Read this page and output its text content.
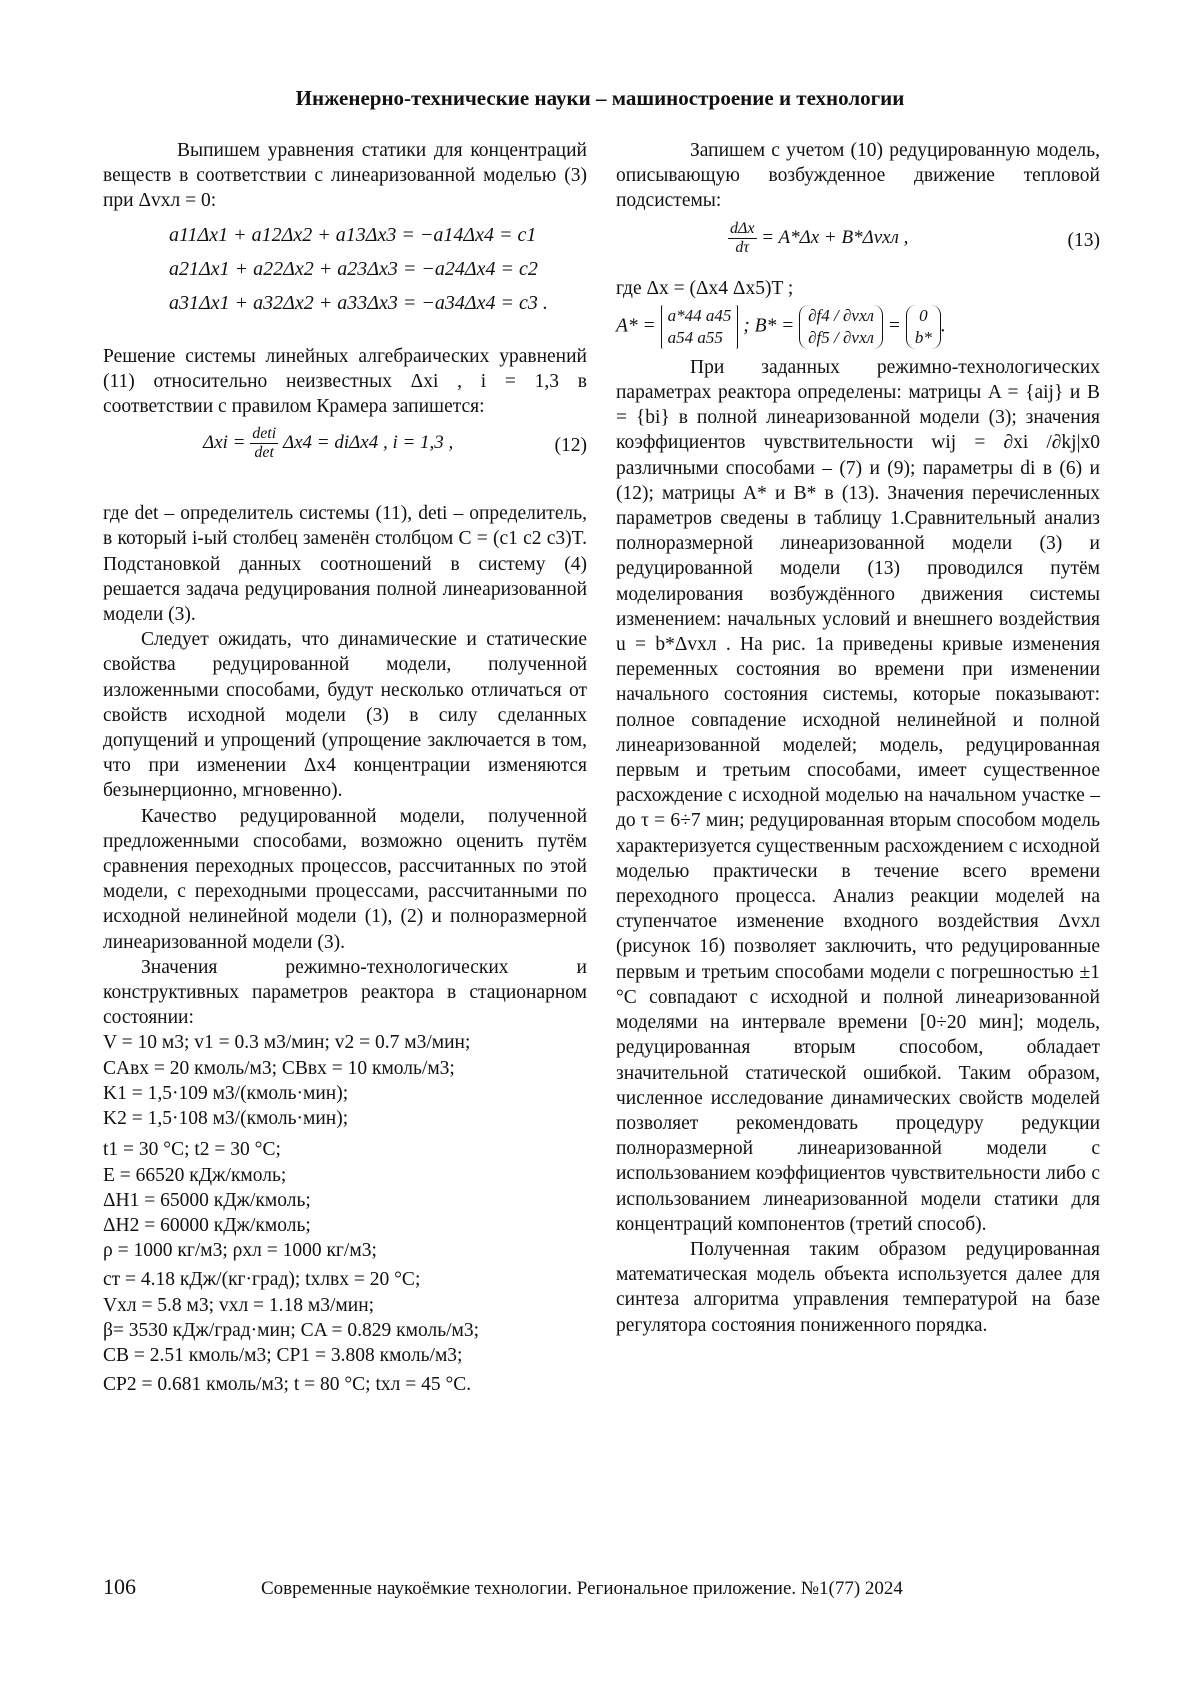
Инженерно-технические науки – машиностроение и технологии

Выпишем уравнения статики для концентраций веществ в соответствии с линеаризованной моделью (3) при Δvхл = 0:

a11Δx1 + a12Δx2 + a13Δx3 = −a14Δx4 = c1
a21Δx1 + a22Δx2 + a23Δx3 = −a24Δx4 = c2
a31Δx1 + a32Δx2 + a33Δx3 = −a34Δx4 = c3 .

Решение системы линейных алгебраических уравнений (11) относительно неизвестных Δxi , i = 1,3 в соответствии с правилом Крамера запишется:

$\Delta xi = \frac{\det i}{\det} \Delta x4 = di\Delta x4$ , i = 1,3 ,	(12)

где det – определитель системы (11), deti – определитель, в который i-ый столбец заменён столбцом C = (c1 c2 c3)T. Подстановкой данных соотношений в систему (4) решается задача редуцирования полной линеаризованной модели (3).

Следует ожидать, что динамические и статические свойства редуцированной модели, полученной изложенными способами, будут несколько отличаться от свойств исходной модели (3) в силу сделанных допущений и упрощений (упрощение заключается в том, что при изменении Δx4 концентрации изменяются безынерционно, мгновенно).

Качество редуцированной модели, полученной предложенными способами, возможно оценить путём сравнения переходных процессов, рассчитанных по этой модели, с переходными процессами, рассчитанными по исходной нелинейной модели (1), (2) и полноразмерной линеаризованной модели (3).

Значения режимно-технологических и конструктивных параметров реактора в стационарном состоянии:

V = 10 м3; v1 = 0.3 м3/мин; v2 = 0.7 м3/мин;

CAвх = 20 кмоль/м3; CBвх = 10 кмоль/м3;

K1 = 1,5·109 м3/(кмоль·мин);

K2 = 1,5·108 м3/(кмоль·мин);

t1 = 30 °C; t2 = 30 °C;

E = 66520 кДж/кмоль;

ΔH1 = 65000 кДж/кмоль;

ΔH2 = 60000 кДж/кмоль;

ρ = 1000 кг/м3; ρхл = 1000 кг/м3;

cт = 4.18 кДж/(кг·град); tхлвх = 20 °C;

Vхл = 5.8 м3; vхл = 1.18 м3/мин;

β= 3530 кДж/град·мин; CA = 0.829 кмоль/м3;

CB = 2.51 кмоль/м3; CP1 = 3.808 кмоль/м3;

CP2 = 0.681 кмоль/м3; t = 80 °C; tхл = 45 °C.

Запишем с учетом (10) редуцированную модель, описывающую возбужденное движение тепловой подсистемы:

$\frac{\text{dΔx}}{d\tau} = A*\Delta x + B*\Delta vхл$ ,	(13)

где Δx = (Δx4 Δx5)T ;

A* = a*44 a45
a54 a55
; B* = ∂f4 / ∂vхл
∂f5 / ∂vхл
= 0
b*
.

При заданных режимно-технологических параметрах реактора определены: матрицы A = {aij} и B = {bi} в полной линеаризованной модели (3); значения коэффициентов чувствительности wij = ∂xi /∂kj|x0 различными способами – (7) и (9); параметры di в (6) и (12); матрицы A* и B* в (13). Значения перечисленных параметров сведены в таблицу 1.Сравнительный анализ полноразмерной линеаризованной модели (3) и редуцированной модели (13) проводился путём моделирования возбуждённого движения системы изменением: начальных условий и внешнего воздействия u = b*Δvхл . На рис. 1а приведены кривые изменения переменных состояния во времени при изменении начального состояния системы, которые показывают: полное совпадение исходной нелинейной и полной линеаризованной моделей; модель, редуцированная первым и третьим способами, имеет существенное расхождение с исходной моделью на начальном участке – до τ = 6÷7 мин; редуцированная вторым способом модель характеризуется существенным расхождением с исходной моделью практически в течение всего времени переходного процесса. Анализ реакции моделей на ступенчатое изменение входного воздействия Δvхл (рисунок 1б) позволяет заключить, что редуцированные первым и третьим способами модели с погрешностью ±1 °C совпадают с исходной и полной линеаризованной моделями на интервале времени [0÷20 мин]; модель, редуцированная вторым способом, обладает значительной статической ошибкой. Таким образом, численное исследование динамических свойств моделей позволяет рекомендовать процедуру редукции полноразмерной линеаризованной модели с использованием коэффициентов чувствительности либо с использованием линеаризованной модели статики для концентраций компонентов (третий способ).

Полученная таким образом редуцированная математическая модель объекта используется далее для синтеза алгоритма управления температурой на базе регулятора состояния пониженного порядка.

106	Современные наукоёмкие технологии. Региональное приложение. №1(77) 2024
